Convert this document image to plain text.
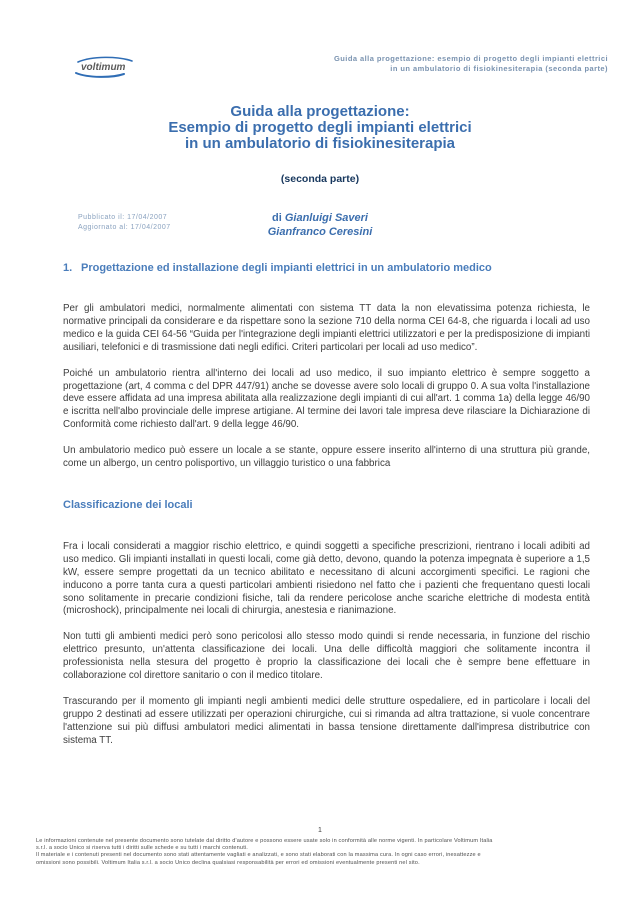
voltimum
Guida alla progettazione: esempio di progetto degli impianti elettrici
in un ambulatorio di fisiokinesiterapia (seconda parte)
Guida alla progettazione:
Esempio di progetto degli impianti elettrici
in un ambulatorio di fisiokinesiterapia
(seconda parte)
Pubblicato il: 17/04/2007
Aggiornato al: 17/04/2007
di Gianluigi Saveri
Gianfranco Ceresini
1. Progettazione ed installazione degli impianti elettrici in un ambulatorio medico

Per gli ambulatori medici, normalmente alimentati con sistema TT data la non elevatissima potenza richiesta, le normative principali da considerare e da rispettare sono la sezione 710 della norma CEI 64-8, che riguarda i locali ad uso medico e la guida CEI 64-56 “Guida per l'integrazione degli impianti elettrici utilizzatori e per la predisposizione di impianti ausiliari, telefonici e di trasmissione dati negli edifici. Criteri particolari per locali ad uso medico”.

Poiché un ambulatorio rientra all'interno dei locali ad uso medico, il suo impianto elettrico è sempre soggetto a progettazione (art, 4 comma c del DPR 447/91) anche se dovesse avere solo locali di gruppo 0. A sua volta l'installazione deve essere affidata ad una impresa abilitata alla realizzazione degli impianti di cui all'art. 1 comma 1a) della legge 46/90 e iscritta nell'albo provinciale delle imprese artigiane. Al termine dei lavori tale impresa deve rilasciare la Dichiarazione di Conformità come richiesto dall'art. 9 della legge 46/90.

Un ambulatorio medico può essere un locale a se stante, oppure essere inserito all'interno di una struttura più grande, come un albergo, un centro polisportivo, un villaggio turistico o una fabbrica

Classificazione dei locali

Fra i locali considerati a maggior rischio elettrico, e quindi soggetti a specifiche prescrizioni, rientrano i locali adibiti ad uso medico. Gli impianti installati in questi locali, come già detto, devono, quando la potenza impegnata è superiore a 1,5 kW, essere sempre progettati da un tecnico abilitato e necessitano di alcuni accorgimenti specifici. Le ragioni che inducono a porre tanta cura a questi particolari ambienti risiedono nel fatto che i pazienti che frequentano questi locali sono solitamente in precarie condizioni fisiche, tali da rendere pericolose anche scariche elettriche di modesta entità (microshock), principalmente nei locali di chirurgia, anestesia e rianimazione.

Non tutti gli ambienti medici però sono pericolosi allo stesso modo quindi si rende necessaria, in funzione del rischio elettrico presunto, un'attenta classificazione dei locali. Una delle difficoltà maggiori che solitamente incontra il professionista nella stesura del progetto è proprio la classificazione dei locali che è sempre bene effettuare in collaborazione col direttore sanitario o con il medico titolare.

Trascurando per il momento gli impianti negli ambienti medici delle strutture ospedaliere, ed in particolare i locali del gruppo 2 destinati ad essere utilizzati per operazioni chirurgiche, cui si rimanda ad altra trattazione, si vuole concentrare l'attenzione sui più diffusi ambulatori medici alimentati in bassa tensione direttamente dall'impresa distributrice con sistema TT.

1
Le informazioni contenute nel presente documento sono tutelate dal diritto d'autore e possono essere usate solo in conformità alle norme vigenti. In particolare Voltimum Italia
s.r.l. a socio Unico si riserva tutti i diritti sulle schede e su tutti i marchi contenuti.
Il materiale e i contenuti presenti nel documento sono stati attentamente vagliati e analizzati, e sono stati elaborati con la massima cura. In ogni caso errori, inesattezze e
omissioni sono possibili. Voltimum Italia s.r.l. a socio Unico declina qualsiasi responsabilità per errori ed omissioni eventualmente presenti nel sito.
